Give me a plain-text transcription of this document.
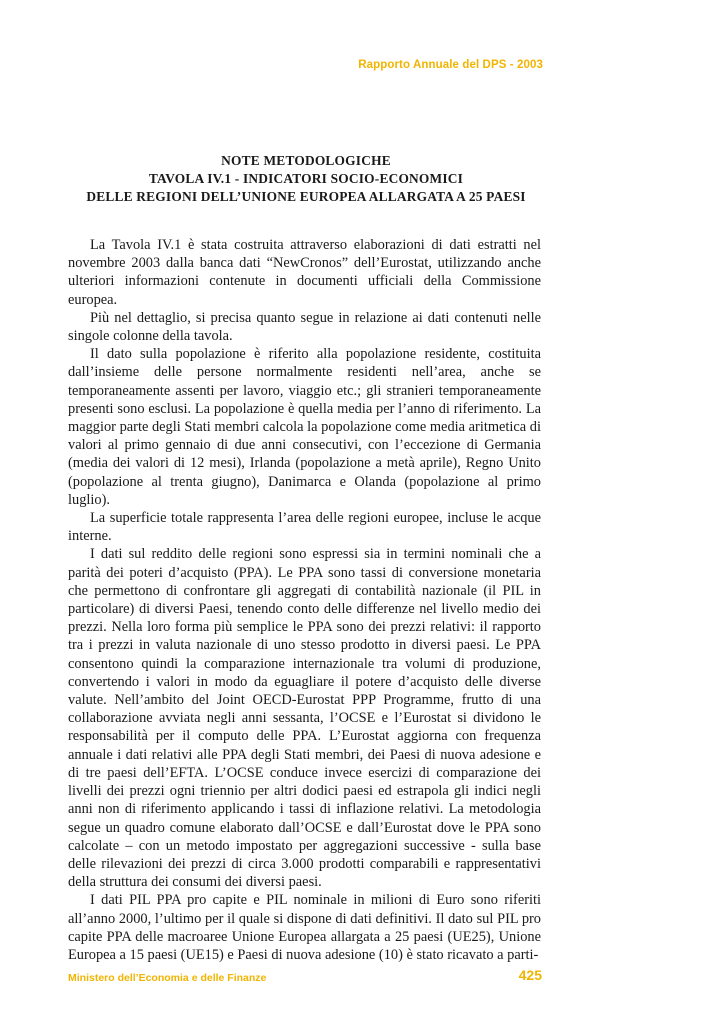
Rapporto Annuale del DPS - 2003
NOTE METODOLOGICHE
TAVOLA IV.1 - INDICATORI SOCIO-ECONOMICI
DELLE REGIONI DELL’UNIONE EUROPEA ALLARGATA A 25 PAESI

La Tavola IV.1 è stata costruita attraverso elaborazioni di dati estratti nel novembre 2003 dalla banca dati “NewCronos” dell’Eurostat, utilizzando anche ulteriori informazioni contenute in documenti ufficiali della Commissione europea.

Più nel dettaglio, si precisa quanto segue in relazione ai dati contenuti nelle singole colonne della tavola.

Il dato sulla popolazione è riferito alla popolazione residente, costituita dall’insieme delle persone normalmente residenti nell’area, anche se temporaneamente assenti per lavoro, viaggio etc.; gli stranieri temporaneamente presenti sono esclusi. La popolazione è quella media per l’anno di riferimento. La maggior parte degli Stati membri calcola la popolazione come media aritmetica di valori al primo gennaio di due anni consecutivi, con l’eccezione di Germania (media dei valori di 12 mesi), Irlanda (popolazione a metà aprile), Regno Unito (popolazione al trenta giugno), Danimarca e Olanda (popolazione al primo luglio).

La superficie totale rappresenta l’area delle regioni europee, incluse le acque interne.

I dati sul reddito delle regioni sono espressi sia in termini nominali che a parità dei poteri d’acquisto (PPA). Le PPA sono tassi di conversione monetaria che permettono di confrontare gli aggregati di contabilità nazionale (il PIL in particolare) di diversi Paesi, tenendo conto delle differenze nel livello medio dei prezzi. Nella loro forma più semplice le PPA sono dei prezzi relativi: il rapporto tra i prezzi in valuta nazionale di uno stesso prodotto in diversi paesi. Le PPA consentono quindi la comparazione internazionale tra volumi di produzione, convertendo i valori in modo da eguagliare il potere d’acquisto delle diverse valute. Nell’ambito del Joint OECD-Eurostat PPP Programme, frutto di una collaborazione avviata negli anni sessanta, l’OCSE e l’Eurostat si dividono le responsabilità per il computo delle PPA. L’Eurostat aggiorna con frequenza annuale i dati relativi alle PPA degli Stati membri, dei Paesi di nuova adesione e di tre paesi dell’EFTA. L’OCSE conduce invece esercizi di comparazione dei livelli dei prezzi ogni triennio per altri dodici paesi ed estrapola gli indici negli anni non di riferimento applicando i tassi di inflazione relativi. La metodologia segue un quadro comune elaborato dall’OCSE e dall’Eurostat dove le PPA sono calcolate – con un metodo impostato per aggregazioni successive - sulla base delle rilevazioni dei prezzi di circa 3.000 prodotti comparabili e rappresentativi della struttura dei consumi dei diversi paesi.

I dati PIL PPA pro capite e PIL nominale in milioni di Euro sono riferiti all’anno 2000, l’ultimo per il quale si dispone di dati definitivi. Il dato sul PIL pro capite PPA delle macroaree Unione Europea allargata a 25 paesi (UE25), Unione Europea a 15 paesi (UE15) e Paesi di nuova adesione (10) è stato ricavato a parti-

Ministero dell’Economia e delle Finanze	425
